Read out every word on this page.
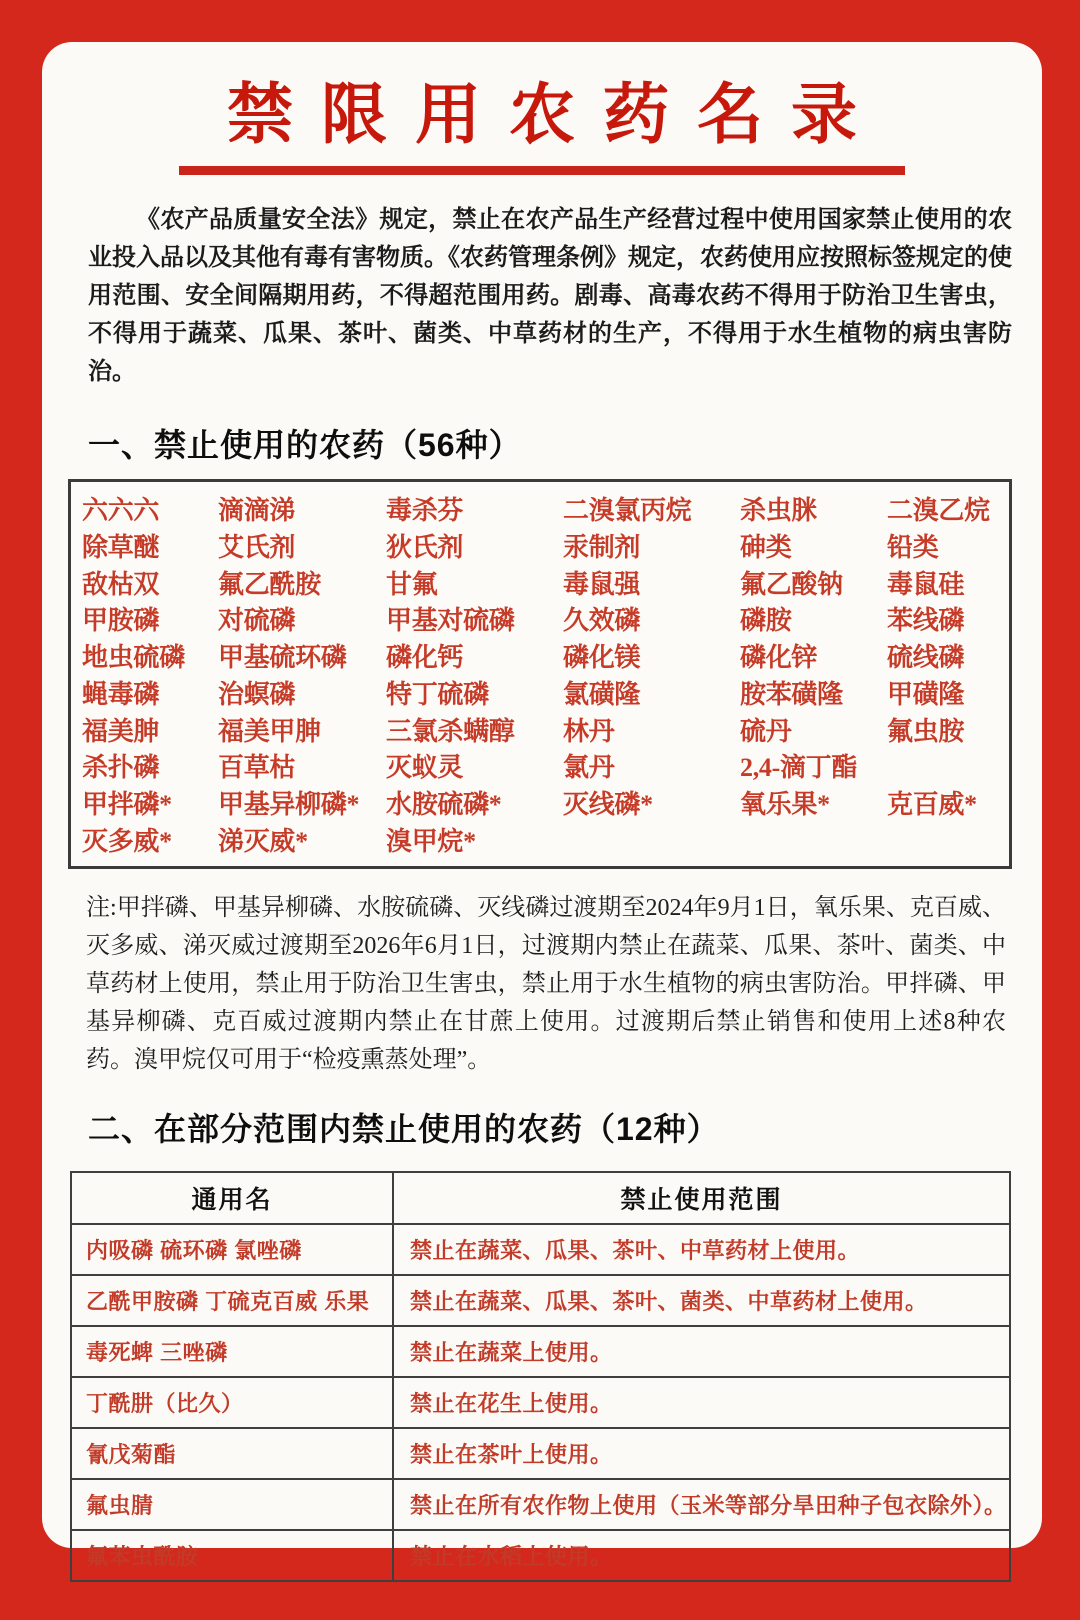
禁限用农药名录

《农产品质量安全法》规定，禁止在农产品生产经营过程中使用国家禁止使用的农业投入品以及其他有毒有害物质。《农药管理条例》规定，农药使用应按照标签规定的使用范围、安全间隔期用药，不得超范围用药。剧毒、高毒农药不得用于防治卫生害虫，不得用于蔬菜、瓜果、茶叶、菌类、中草药材的生产，不得用于水生植物的病虫害防治。

一、禁止使用的农药（56种）
六六六	滴滴涕	毒杀芬	二溴氯丙烷	杀虫脒	二溴乙烷
除草醚	艾氏剂	狄氏剂	汞制剂	砷类	铅类
敌枯双	氟乙酰胺	甘氟	毒鼠强	氟乙酸钠	毒鼠硅
甲胺磷	对硫磷	甲基对硫磷	久效磷	磷胺	苯线磷
地虫硫磷	甲基硫环磷	磷化钙	磷化镁	磷化锌	硫线磷
蝇毒磷	治螟磷	特丁硫磷	氯磺隆	胺苯磺隆	甲磺隆
福美胂	福美甲胂	三氯杀螨醇	林丹	硫丹	氟虫胺
杀扑磷	百草枯	灭蚁灵	氯丹	2,4-滴丁酯
甲拌磷*	甲基异柳磷*	水胺硫磷*	灭线磷*	氧乐果*	克百威*
灭多威*	涕灭威*	溴甲烷*

注:甲拌磷、甲基异柳磷、水胺硫磷、灭线磷过渡期至2024年9月1日，氧乐果、克百威、灭多威、涕灭威过渡期至2026年6月1日，过渡期内禁止在蔬菜、瓜果、茶叶、菌类、中草药材上使用，禁止用于防治卫生害虫，禁止用于水生植物的病虫害防治。甲拌磷、甲基异柳磷、克百威过渡期内禁止在甘蔗上使用。过渡期后禁止销售和使用上述8种农药。溴甲烷仅可用于“检疫熏蒸处理”。

二、在部分范围内禁止使用的农药（12种）
通用名	禁止使用范围
内吸磷 硫环磷 氯唑磷	禁止在蔬菜、瓜果、茶叶、中草药材上使用。
乙酰甲胺磷 丁硫克百威 乐果	禁止在蔬菜、瓜果、茶叶、菌类、中草药材上使用。
毒死蜱 三唑磷	禁止在蔬菜上使用。
丁酰肼（比久）	禁止在花生上使用。
氰戊菊酯	禁止在茶叶上使用。
氟虫腈	禁止在所有农作物上使用（玉米等部分旱田种子包衣除外）。
氟苯虫酰胺	禁止在水稻上使用。
